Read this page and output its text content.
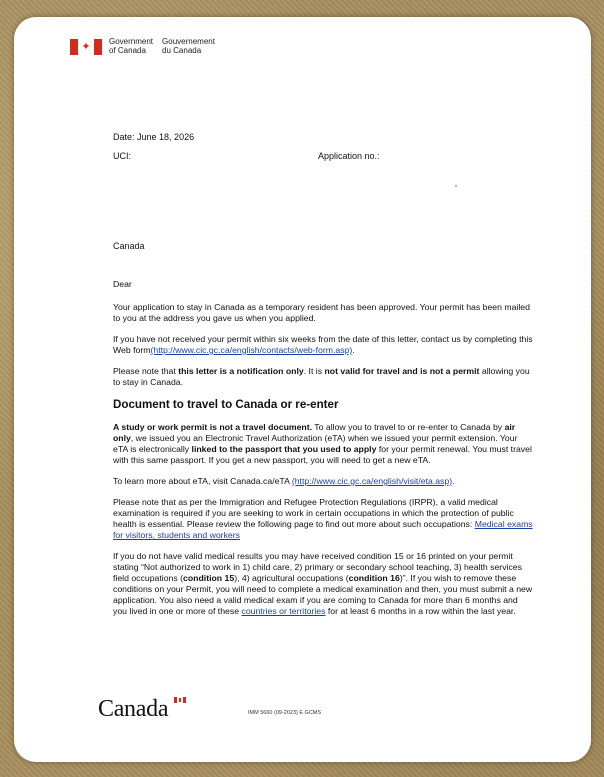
✦	Government
of Canada
Gouvernement
du Canada
Date: June 18, 2026
UCI:	Application no.:
Canada

Dear

Your application to stay in Canada as a temporary resident has been approved. Your permit has been mailed to you at the address you gave us when you applied.

If you have not received your permit within six weeks from the date of this letter, contact us by completing this Web form(http://www.cic.gc.ca/english/contacts/web-form.asp).

Please note that this letter is a notification only. It is not valid for travel and is not a permit allowing you to stay in Canada.

Document to travel to Canada or re-enter

A study or work permit is not a travel document. To allow you to travel to or re-enter to Canada by air only, we issued you an Electronic Travel Authorization (eTA) when we issued your permit extension. Your eTA is electronically linked to the passport that you used to apply for your permit renewal. You must travel with this same passport. If you get a new passport, you will need to get a new eTA.

To learn more about eTA, visit Canada.ca/eTA (http://www.cic.gc.ca/english/visit/eta.asp).

Please note that as per the Immigration and Refugee Protection Regulations (IRPR), a valid medical examination is required if you are seeking to work in certain occupations in which the protection of public health is essential. Please review the following page to find out more about such occupations: Medical exams for visitors, students and workers

If you do not have valid medical results you may have received condition 15 or 16 printed on your permit stating “Not authorized to work in 1) child care, 2) primary or secondary school teaching, 3) health services field occupations (condition 15), 4) agricultural occupations (condition 16)”. If you wish to remove these conditions on your Permit, you will need to complete a medical examination and then, you must submit a new application. You also need a valid medical exam if you are coming to Canada for more than 6 months and you lived in one or more of these countries or territories for at least 6 months in a row within the last year.

Canada	IMM 5660 (09-2023) E GCMS
